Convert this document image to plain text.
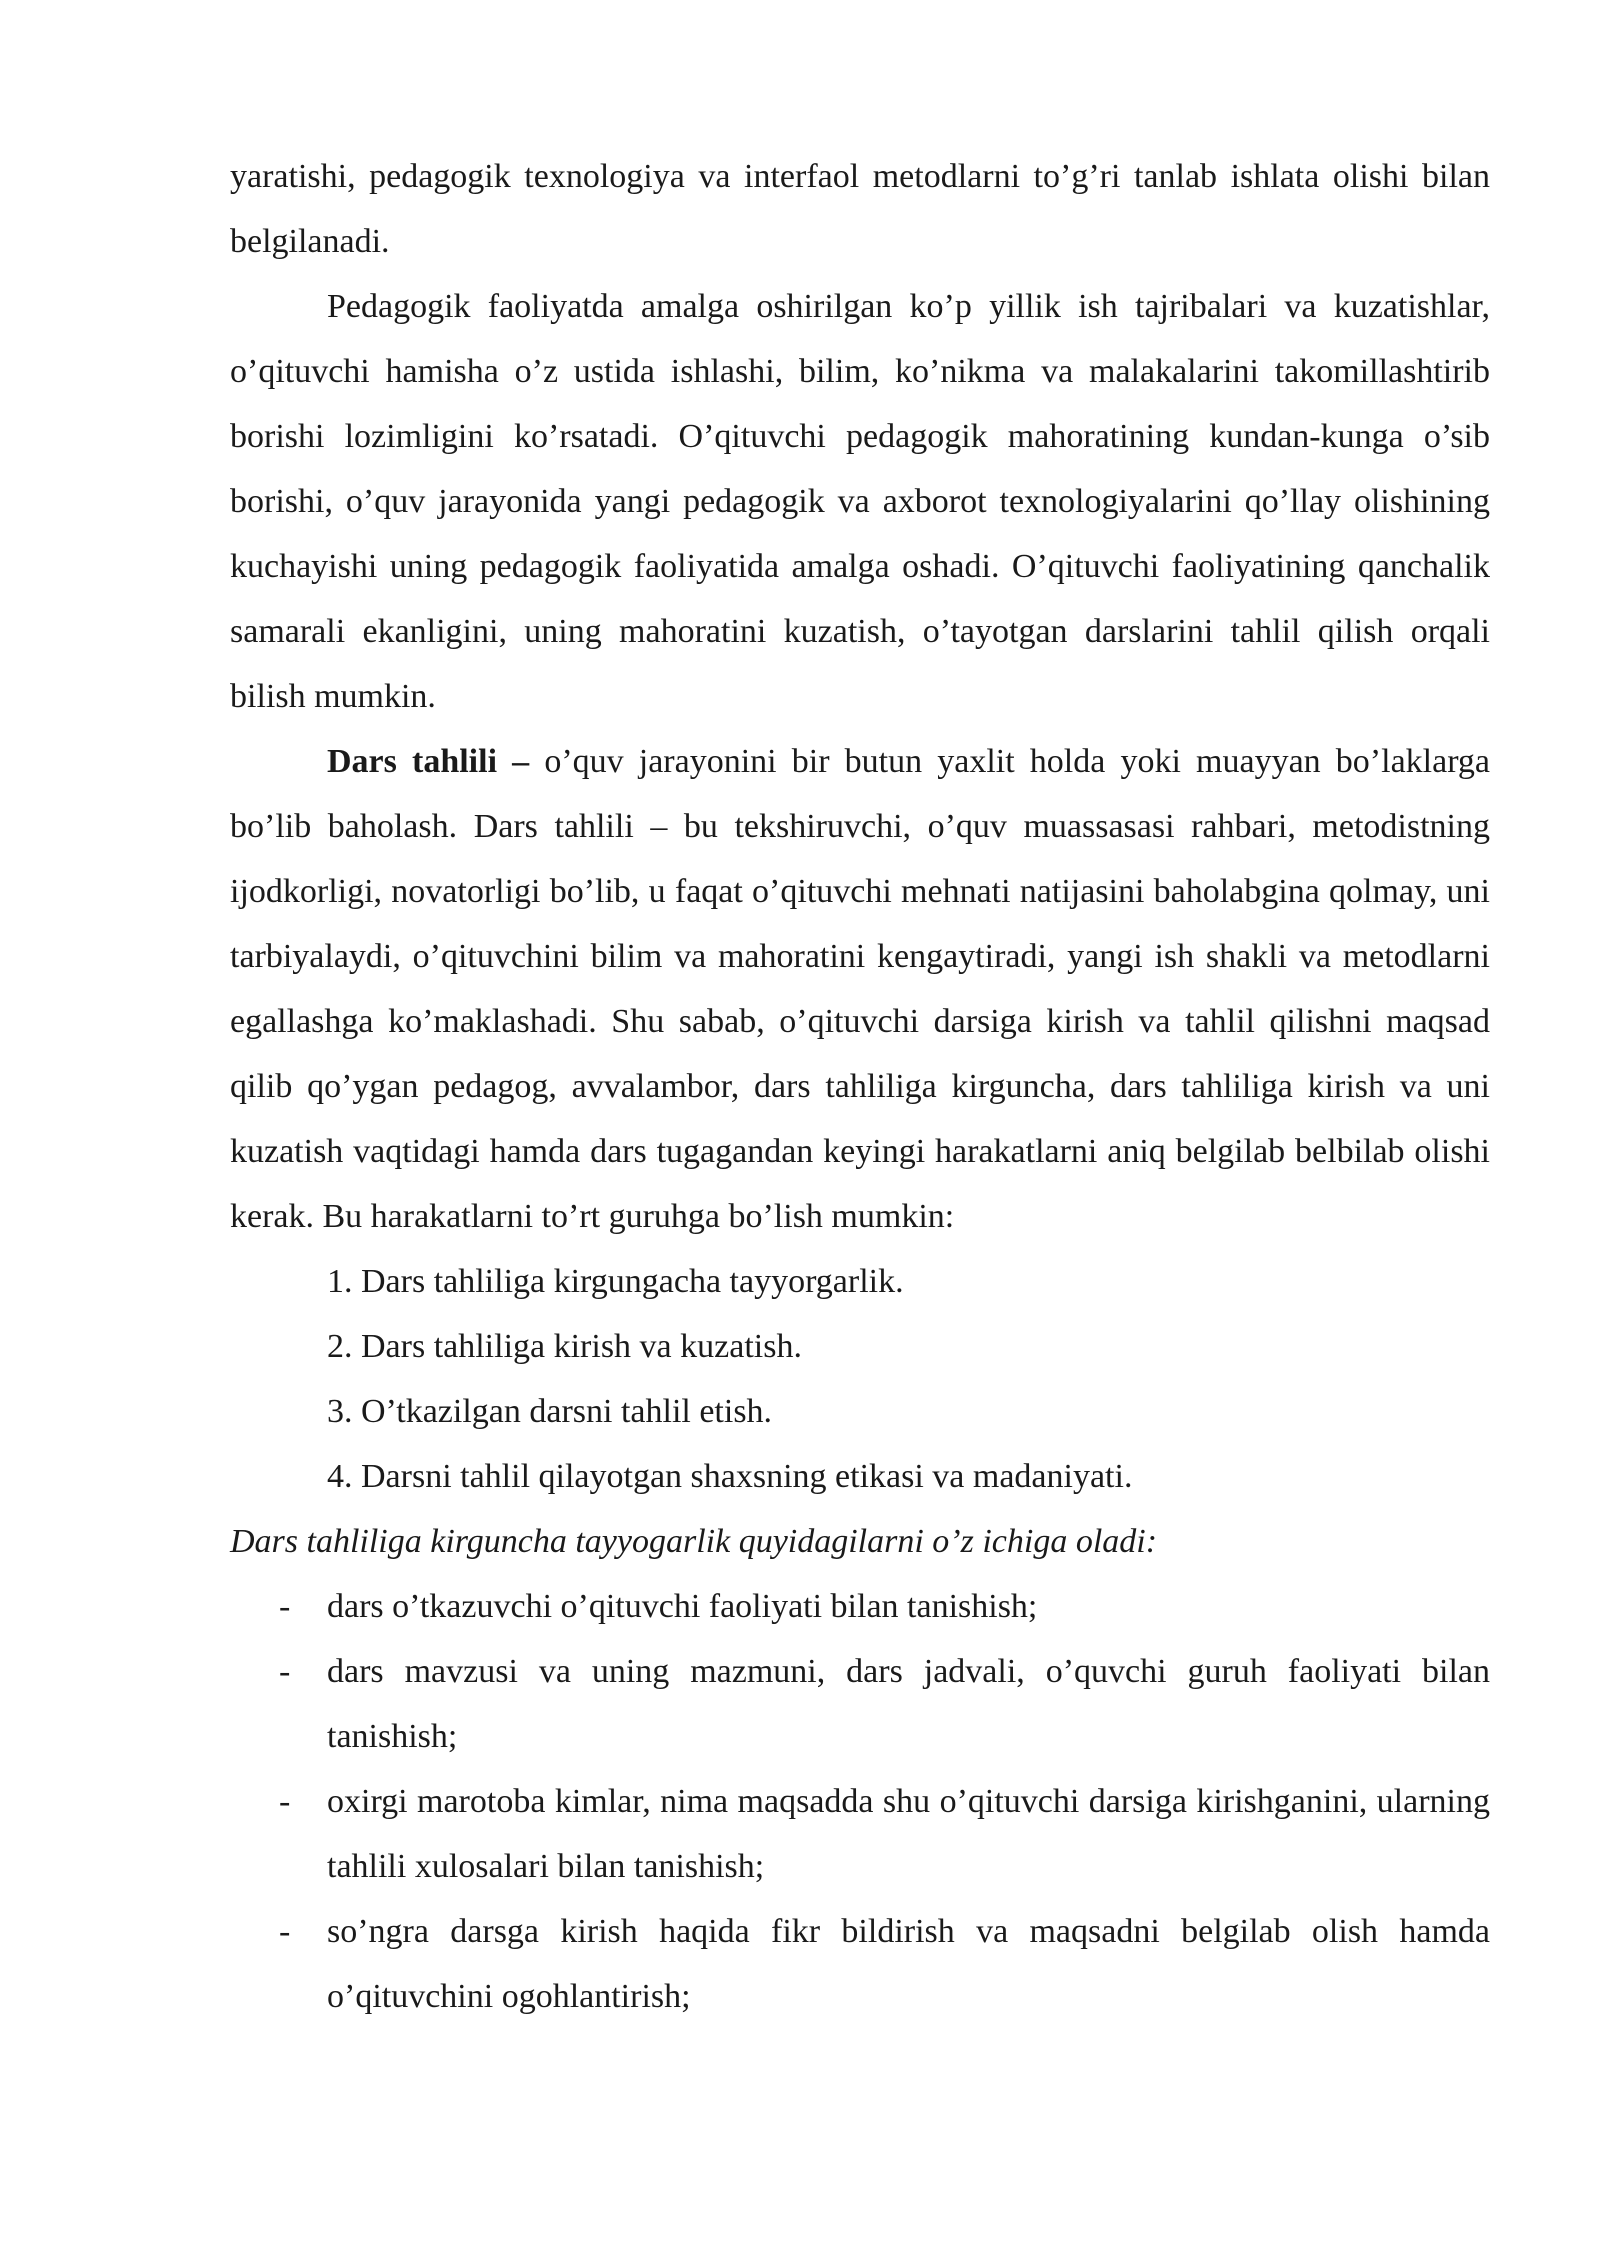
yaratishi, pedagogik texnologiya va interfaol metodlarni to’g’ri tanlab ishlata olishi bilan belgilanadi.

Pedagogik faoliyatda amalga oshirilgan ko’p yillik ish tajribalari va kuzatishlar, o’qituvchi hamisha o’z ustida ishlashi, bilim, ko’nikma va malakalarini takomillashtirib borishi lozimligini ko’rsatadi. O’qituvchi pedagogik mahoratining kundan-kunga o’sib borishi, o’quv jarayonida yangi pedagogik va axborot texnologiyalarini qo’llay olishining kuchayishi uning pedagogik faoliyatida amalga oshadi. O’qituvchi faoliyatining qanchalik samarali ekanligini, uning mahoratini kuzatish, o’tayotgan darslarini tahlil qilish orqali bilish mumkin.

Dars tahlili – o’quv jarayonini bir butun yaxlit holda yoki muayyan bo’laklarga bo’lib baholash. Dars tahlili – bu tekshiruvchi, o’quv muassasasi rahbari, metodistning ijodkorligi, novatorligi bo’lib, u faqat o’qituvchi mehnati natijasini baholabgina qolmay, uni tarbiyalaydi, o’qituvchini bilim va mahoratini kengaytiradi, yangi ish shakli va metodlarni egallashga ko’maklashadi. Shu sabab, o’qituvchi darsiga kirish va tahlil qilishni maqsad qilib qo’ygan pedagog, avvalambor, dars tahliliga kirguncha, dars tahliliga kirish va uni kuzatish vaqtidagi hamda dars tugagandan keyingi harakatlarni aniq belgilab belbilab olishi kerak. Bu harakatlarni to’rt guruhga bo’lish mumkin:

1. Dars tahliliga kirgungacha tayyorgarlik.
2. Dars tahliliga kirish va kuzatish.
3. O’tkazilgan darsni tahlil etish.
4. Darsni tahlil qilayotgan shaxsning etikasi va madaniyati.

Dars tahliliga kirguncha tayyogarlik quyidagilarni o’z ichiga oladi:

- dars o’tkazuvchi o’qituvchi faoliyati bilan tanishish;
- dars mavzusi va uning mazmuni, dars jadvali, o’quvchi guruh faoliyati bilan tanishish;
- oxirgi marotoba kimlar, nima maqsadda shu o’qituvchi darsiga kirishganini, ularning tahlili xulosalari bilan tanishish;
- so’ngra darsga kirish haqida fikr bildirish va maqsadni belgilab olish hamda o’qituvchini ogohlantirish;
